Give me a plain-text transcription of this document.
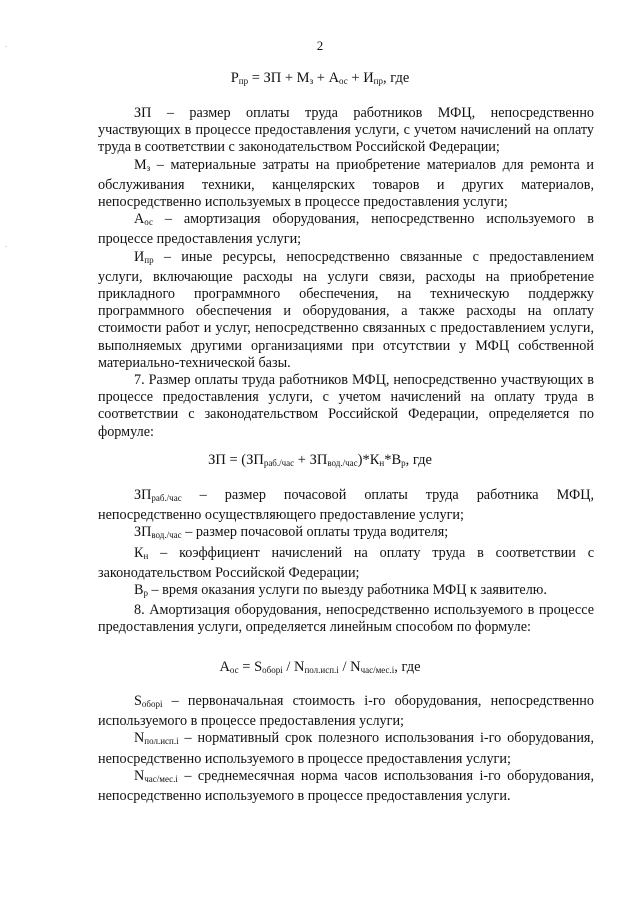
.
.
2
$Р_{пр}$ = ЗП + $М_з + А_{ос} + И_{пр}$, где

ЗП – размер оплаты труда работников МФЦ, непосредственно участвующих в процессе предоставления услуги, с учетом начислений на оплату труда в соответствии с законодательством Российской Федерации;

$М_з$ – материальные затраты на приобретение материалов для ремонта и обслуживания техники, канцелярских товаров и других материалов, непосредственно используемых в процессе предоставления услуги;

$А_{ос}$ – амортизация оборудования, непосредственно используемого в процессе предоставления услуги;

$И_{пр}$ – иные ресурсы, непосредственно связанные с предоставлением услуги, включающие расходы на услуги связи, расходы на приобретение прикладного программного обеспечения, на техническую поддержку программного обеспечения и оборудования, а также расходы на оплату стоимости работ и услуг, непосредственно связанных с предоставлением услуги, выполняемых другими организациями при отсутствии у МФЦ собственной материально-технической базы.

7. Размер оплаты труда работников МФЦ, непосредственно участвующих в процессе предоставления услуги, с учетом начислений на оплату труда в соответствии с законодательством Российской Федерации, определяется по формуле:

ЗП = $(ЗП_{раб./час} + ЗП_{вод./час})*К_н*В_р$, где

$ЗП_{раб./час}$ – размер почасовой оплаты труда работника МФЦ, непосредственно осуществляющего предоставление услуги;

$ЗП_{вод./час}$ – размер почасовой оплаты труда водителя;

$К_н$ – коэффициент начислений на оплату труда в соответствии с законодательством Российской Федерации;

$В_р$ – время оказания услуги по выезду работника МФЦ к заявителю.

8. Амортизация оборудования, непосредственно используемого в процессе предоставления услуги, определяется линейным способом по формуле:

$А_{ос} = S_{оборi} / N_{пол.исп.i} / N_{час/мес.i}$, где

$S_{оборi}$ – первоначальная стоимость i-го оборудования, непосредственно используемого в процессе предоставления услуги;

$N_{пол.исп.i}$ – нормативный срок полезного использования i-го оборудования, непосредственно используемого в процессе предоставления услуги;

$N_{час/мес.i}$ – среднемесячная норма часов использования i-го оборудования, непосредственно используемого в процессе предоставления услуги.
